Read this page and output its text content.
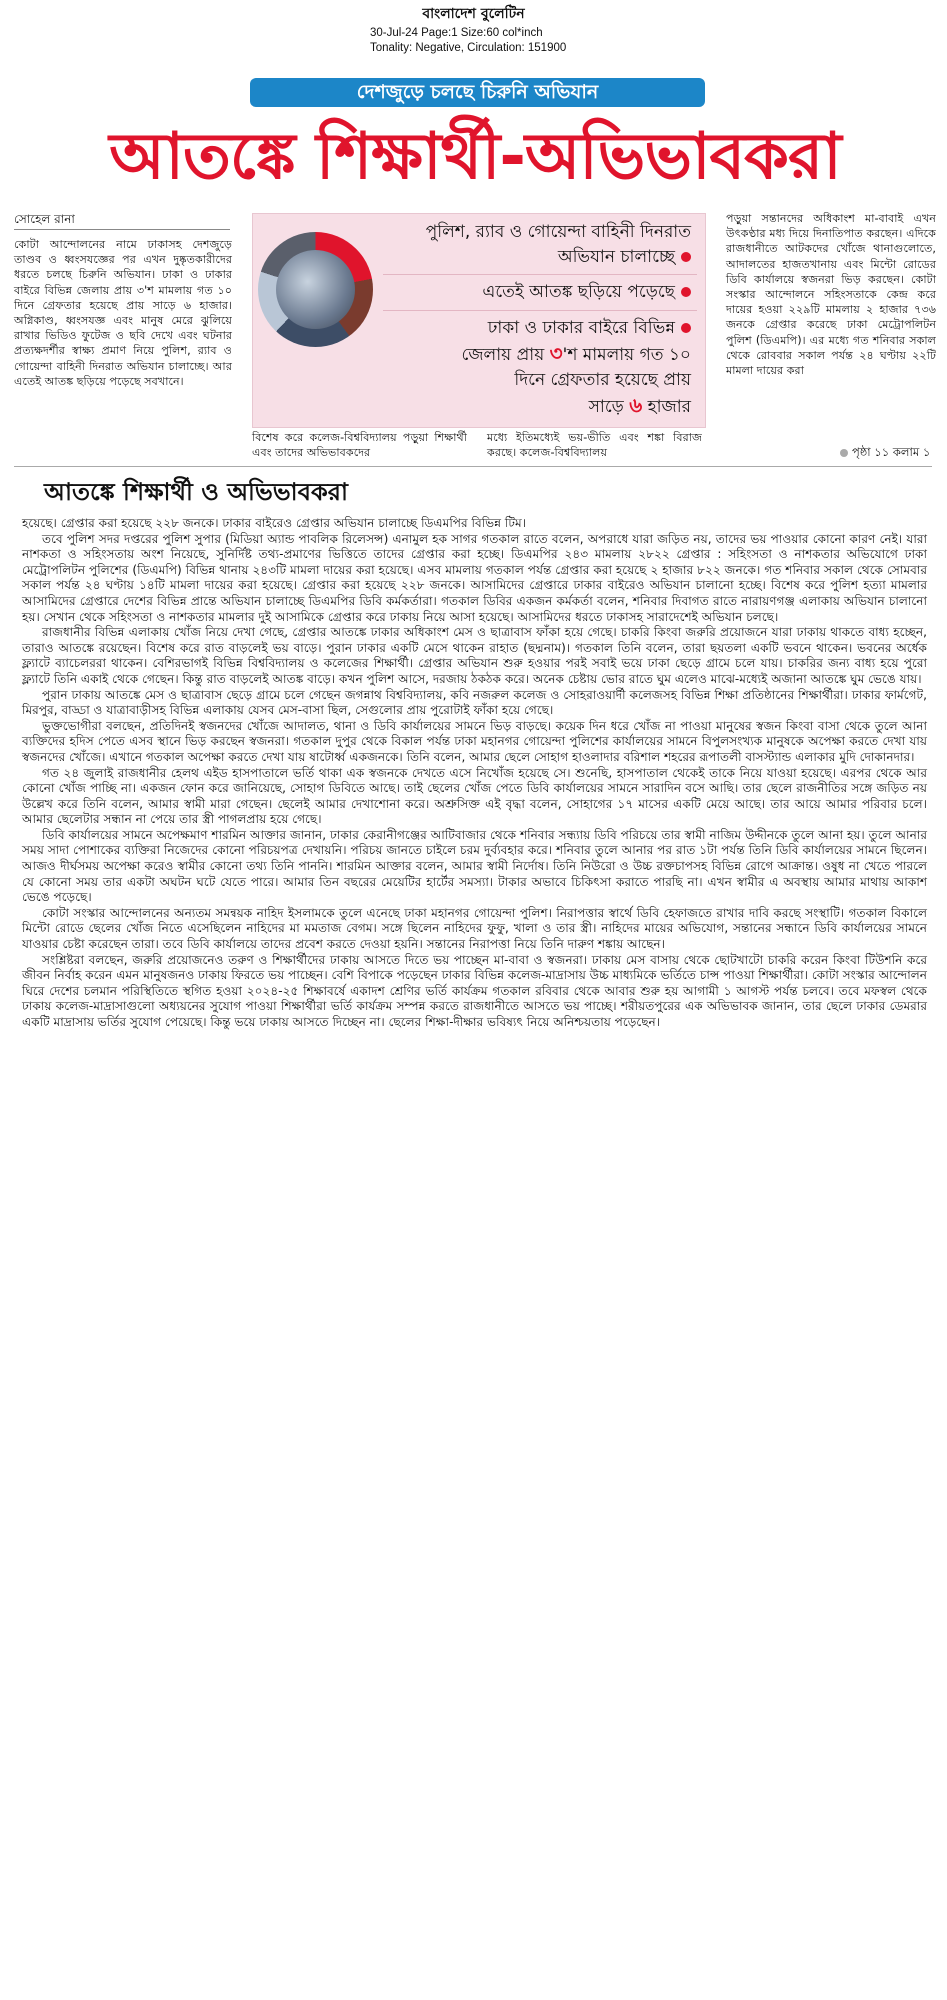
বাংলাদেশ বুলেটিন
30-Jul-24 Page:1 Size:60 col*inch
Tonality: Negative, Circulation: 151900
দেশজুড়ে চলছে চিরুনি অভিযান
আতঙ্কে শিক্ষার্থী-অভিভাবকরা
সোহেল রানা
কোটা আন্দোলনের নামে ঢাকাসহ দেশজুড়ে তাণ্ডব ও ধ্বংসযজ্ঞের পর এখন দুষ্কৃতকারীদের ধরতে চলছে চিরুনি অভিযান। ঢাকা ও ঢাকার বাইরে বিভিন্ন জেলায় প্রায় ৩'শ মামলায় গত ১০ দিনে গ্রেফতার হয়েছে প্রায় সাড়ে ৬ হাজার। অগ্নিকাণ্ড, ধ্বংসযজ্ঞ এবং মানুষ মেরে ঝুলিয়ে রাখার ভিডিও ফুটেজ ও ছবি দেখে এবং ঘটনার প্রত্যক্ষদর্শীর স্বাক্ষ্য প্রমাণ নিয়ে পুলিশ, র‍্যাব ও গোয়েন্দা বাহিনী দিনরাত অভিযান চালাচ্ছে। আর এতেই আতঙ্ক ছড়িয়ে পড়েছে সবখানে।
পুলিশ, র‍্যাব ও গোয়েন্দা বাহিনী দিনরাত অভিযান চালাচ্ছে
এতেই আতঙ্ক ছড়িয়ে পড়েছে
ঢাকা ও ঢাকার বাইরে বিভিন্ন
জেলায় প্রায় ৩'শ মামলায় গত ১০
দিনে গ্রেফতার হয়েছে প্রায়
সাড়ে ৬ হাজার
বিশেষ করে কলেজ-বিশ্ববিদ্যালয় পড়ুয়া শিক্ষার্থী এবং তাদের অভিভাবকদের
মধ্যে ইতিমধ্যেই ভয়-ভীতি এবং শঙ্কা বিরাজ করছে। কলেজ-বিশ্ববিদ্যালয়
পড়ুয়া সন্তানদের অধিকাংশ মা-বাবাই এখন উৎকণ্ঠার মধ্য দিয়ে দিনাতিপাত করছেন। এদিকে রাজধানীতে আটকদের খোঁজে থানাগুলোতে, আদালতের হাজতখানায় এবং মিন্টো রোডের ডিবি কার্যালয়ে স্বজনরা ভিড় করছেন। কোটা সংস্কার আন্দোলনে সহিংসতাকে কেন্দ্র করে দায়ের হওয়া ২২৯টি মামলায় ২ হাজার ৭৩৬ জনকে গ্রেপ্তার করেছে ঢাকা মেট্রোপলিটন পুলিশ (ডিএমপি)। এর মধ্যে গত শনিবার সকাল থেকে রোববার সকাল পর্যন্ত ২৪ ঘণ্টায় ২২টি মামলা দায়ের করা
পৃষ্ঠা ১১ কলাম ১
আতঙ্কে শিক্ষার্থী ও অভিভাবকরা

হয়েছে। গ্রেপ্তার করা হয়েছে ২২৮ জনকে। ঢাকার বাইরেও গ্রেপ্তার অভিযান চালাচ্ছে ডিএমপির বিভিন্ন টিম।

তবে পুলিশ সদর দপ্তরের পুলিশ সুপার (মিডিয়া অ্যান্ড পাবলিক রিলেসন্স) এনামুল হক সাগর গতকাল রাতে বলেন, অপরাধে যারা জড়িত নয়, তাদের ভয় পাওয়ার কোনো কারণ নেই। যারা নাশকতা ও সহিংসতায় অংশ নিয়েছে, সুনির্দিষ্ট তথ্য-প্রমাণের ভিত্তিতে তাদের গ্রেপ্তার করা হচ্ছে। ডিএমপির ২৪৩ মামলায় ২৮২২ গ্রেপ্তার : সহিংসতা ও নাশকতার অভিযোগে ঢাকা মেট্রোপলিটন পুলিশের (ডিএমপি) বিভিন্ন থানায় ২৪৩টি মামলা দায়ের করা হয়েছে। এসব মামলায় গতকাল পর্যন্ত গ্রেপ্তার করা হয়েছে ২ হাজার ৮২২ জনকে। গত শনিবার সকাল থেকে সোমবার সকাল পর্যন্ত ২৪ ঘণ্টায় ১৪টি মামলা দায়ের করা হয়েছে। গ্রেপ্তার করা হয়েছে ২২৮ জনকে। আসামিদের গ্রেপ্তারে ঢাকার বাইরেও অভিযান চালানো হচ্ছে। বিশেষ করে পুলিশ হত্যা মামলার আসামিদের গ্রেপ্তারে দেশের বিভিন্ন প্রান্তে অভিযান চালাচ্ছে ডিএমপির ডিবি কর্মকর্তারা। গতকাল ডিবির একজন কর্মকর্তা বলেন, শনিবার দিবাগত রাতে নারায়ণগঞ্জ এলাকায় অভিযান চালানো হয়। সেখান থেকে সহিংসতা ও নাশকতার মামলার দুই আসামিকে গ্রেপ্তার করে ঢাকায় নিয়ে আসা হয়েছে। আসামিদের ধরতে ঢাকাসহ সারাদেশেই অভিযান চলছে।

রাজধানীর বিভিন্ন এলাকায় খোঁজ নিয়ে দেখা গেছে, গ্রেপ্তার আতঙ্কে ঢাকার অধিকাংশ মেস ও ছাত্রাবাস ফাঁকা হয়ে গেছে। চাকরি কিংবা জরুরি প্রয়োজনে যারা ঢাকায় থাকতে বাধ্য হচ্ছেন, তারাও আতঙ্কে রয়েছেন। বিশেষ করে রাত বাড়লেই ভয় বাড়ে। পুরান ঢাকার একটি মেসে থাকেন রাহাত (ছদ্মনাম)। গতকাল তিনি বলেন, তারা ছয়তলা একটি ভবনে থাকেন। ভবনের অর্ধেক ফ্ল্যাটে ব্যাচেলররা থাকেন। বেশিরভাগই বিভিন্ন বিশ্ববিদ্যালয় ও কলেজের শিক্ষার্থী। গ্রেপ্তার অভিযান শুরু হওয়ার পরই সবাই ভয়ে ঢাকা ছেড়ে গ্রামে চলে যায়। চাকরির জন্য বাধ্য হয়ে পুরো ফ্ল্যাটে তিনি একাই থেকে গেছেন। কিন্তু রাত বাড়লেই আতঙ্ক বাড়ে। কখন পুলিশ আসে, দরজায় ঠকঠক করে। অনেক চেষ্টায় ভোর রাতে ঘুম এলেও মাঝে-মধ্যেই অজানা আতঙ্কে ঘুম ভেঙে যায়।

পুরান ঢাকায় আতঙ্কে মেস ও ছাত্রাবাস ছেড়ে গ্রামে চলে গেছেন জগন্নাথ বিশ্ববিদ্যালয়, কবি নজরুল কলেজ ও সোহরাওয়ার্দী কলেজসহ বিভিন্ন শিক্ষা প্রতিষ্ঠানের শিক্ষার্থীরা। ঢাকার ফার্মগেট, মিরপুর, বাড্ডা ও যাত্রাবাড়ীসহ বিভিন্ন এলাকায় যেসব মেস-বাসা ছিল, সেগুলোর প্রায় পুরোটাই ফাঁকা হয়ে গেছে।

ভুক্তভোগীরা বলছেন, প্রতিদিনই স্বজনদের খোঁজে আদালত, থানা ও ডিবি কার্যালয়ের সামনে ভিড় বাড়ছে। কয়েক দিন ধরে খোঁজ না পাওয়া মানুষের স্বজন কিংবা বাসা থেকে তুলে আনা ব্যক্তিদের হদিস পেতে এসব স্থানে ভিড় করছেন স্বজনরা। গতকাল দুপুর থেকে বিকাল পর্যন্ত ঢাকা মহানগর গোয়েন্দা পুলিশের কার্যালয়ের সামনে বিপুলসংখ্যক মানুষকে অপেক্ষা করতে দেখা যায় স্বজনদের খোঁজে। এখানে গতকাল অপেক্ষা করতে দেখা যায় ষাটোর্ধ্ব একজনকে। তিনি বলেন, আমার ছেলে সোহাগ হাওলাদার বরিশাল শহরের রূপাতলী বাসস্ট্যান্ড এলাকার মুদি দোকানদার।

গত ২৪ জুলাই রাজধানীর হেলথ এইড হাসপাতালে ভর্তি থাকা এক স্বজনকে দেখতে এসে নিখোঁজ হয়েছে সে। শুনেছি, হাসপাতাল থেকেই তাকে নিয়ে যাওয়া হয়েছে। এরপর থেকে আর কোনো খোঁজ পাচ্ছি না। একজন ফোন করে জানিয়েছে, সোহাগ ডিবিতে আছে। তাই ছেলের খোঁজ পেতে ডিবি কার্যালয়ের সামনে সারাদিন বসে আছি। তার ছেলে রাজনীতির সঙ্গে জড়িত নয় উল্লেখ করে তিনি বলেন, আমার স্বামী মারা গেছেন। ছেলেই আমার দেখাশোনা করে। অশ্রুসিক্ত এই বৃদ্ধা বলেন, সোহাগের ১৭ মাসের একটি মেয়ে আছে। তার আয়ে আমার পরিবার চলে। আমার ছেলেটার সন্ধান না পেয়ে তার স্ত্রী পাগলপ্রায় হয়ে গেছে।

ডিবি কার্যালয়ের সামনে অপেক্ষমাণ শারমিন আক্তার জানান, ঢাকার কেরানীগঞ্জের আটিবাজার থেকে শনিবার সন্ধ্যায় ডিবি পরিচয়ে তার স্বামী নাজিম উদ্দীনকে তুলে আনা হয়। তুলে আনার সময় সাদা পোশাকের ব্যক্তিরা নিজেদের কোনো পরিচয়পত্র দেখায়নি। পরিচয় জানতে চাইলে চরম দুর্ব্যবহার করে। শনিবার তুলে আনার পর রাত ১টা পর্যন্ত তিনি ডিবি কার্যালয়ের সামনে ছিলেন। আজও দীর্ঘসময় অপেক্ষা করেও স্বামীর কোনো তথ্য তিনি পাননি। শারমিন আক্তার বলেন, আমার স্বামী নির্দোষ। তিনি নিউরো ও উচ্চ রক্তচাপসহ বিভিন্ন রোগে আক্রান্ত। ওষুধ না খেতে পারলে যে কোনো সময় তার একটা অঘটন ঘটে যেতে পারে। আমার তিন বছরের মেয়েটির হার্টের সমস্যা। টাকার অভাবে চিকিৎসা করাতে পারছি না। এখন স্বামীর এ অবস্থায় আমার মাথায় আকাশ ভেঙে পড়েছে।

কোটা সংস্কার আন্দোলনের অন্যতম সমন্বয়ক নাহিদ ইসলামকে তুলে এনেছে ঢাকা মহানগর গোয়েন্দা পুলিশ। নিরাপত্তার স্বার্থে ডিবি হেফাজতে রাখার দাবি করছে সংস্থাটি। গতকাল বিকালে মিন্টো রোডে ছেলের খোঁজ নিতে এসেছিলেন নাহিদের মা মমতাজ বেগম। সঙ্গে ছিলেন নাহিদের ফুফু, খালা ও তার স্ত্রী। নাহিদের মায়ের অভিযোগ, সন্তানের সন্ধানে ডিবি কার্যালয়ের সামনে যাওয়ার চেষ্টা করেছেন তারা। তবে ডিবি কার্যালয়ে তাদের প্রবেশ করতে দেওয়া হয়নি। সন্তানের নিরাপত্তা নিয়ে তিনি দারুণ শঙ্কায় আছেন।

সংশ্লিষ্টরা বলছেন, জরুরি প্রয়োজনেও তরুণ ও শিক্ষার্থীদের ঢাকায় আসতে দিতে ভয় পাচ্ছেন মা-বাবা ও স্বজনরা। ঢাকায় মেস বাসায় থেকে ছোটখাটো চাকরি করেন কিংবা টিউশনি করে জীবন নির্বাহ করেন এমন মানুষজনও ঢাকায় ফিরতে ভয় পাচ্ছেন। বেশি বিপাকে পড়েছেন ঢাকার বিভিন্ন কলেজ-মাদ্রাসায় উচ্চ মাধ্যমিকে ভর্তিতে চান্স পাওয়া শিক্ষার্থীরা। কোটা সংস্কার আন্দোলন ঘিরে দেশের চলমান পরিস্থিতিতে স্থগিত হওয়া ২০২৪-২৫ শিক্ষাবর্ষে একাদশ শ্রেণির ভর্তি কার্যক্রম গতকাল রবিবার থেকে আবার শুরু হয় আগামী ১ আগস্ট পর্যন্ত চলবে। তবে মফস্বল থেকে ঢাকায় কলেজ-মাদ্রাসাগুলো অধ্যয়নের সুযোগ পাওয়া শিক্ষার্থীরা ভর্তি কার্যক্রম সম্পন্ন করতে রাজধানীতে আসতে ভয় পাচ্ছে। শরীয়তপুরের এক অভিভাবক জানান, তার ছেলে ঢাকার ডেমরার একটি মাদ্রাসায় ভর্তির সুযোগ পেয়েছে। কিন্তু ভয়ে ঢাকায় আসতে দিচ্ছেন না। ছেলের শিক্ষা-দীক্ষার ভবিষ্যৎ নিয়ে অনিশ্চয়তায় পড়েছেন।
